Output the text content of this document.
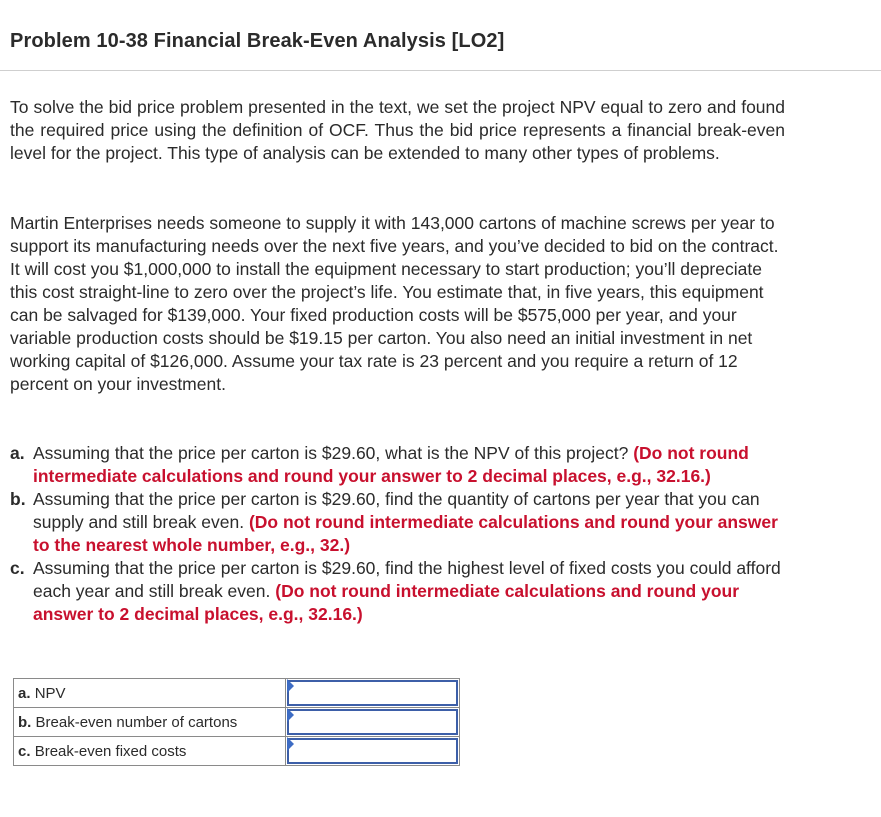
Problem 10-38 Financial Break-Even Analysis [LO2]
To solve the bid price problem presented in the text, we set the project NPV equal to zero and found the required price using the definition of OCF. Thus the bid price represents a financial break-even level for the project. This type of analysis can be extended to many other types of problems.
Martin Enterprises needs someone to supply it with 143,000 cartons of machine screws per year to support its manufacturing needs over the next five years, and you’ve decided to bid on the contract. It will cost you $1,000,000 to install the equipment necessary to start production; you’ll depreciate this cost straight-line to zero over the project’s life. You estimate that, in five years, this equipment can be salvaged for $139,000. Your fixed production costs will be $575,000 per year, and your variable production costs should be $19.15 per carton. You also need an initial investment in net working capital of $126,000. Assume your tax rate is 23 percent and you require a return of 12 percent on your investment.
a. Assuming that the price per carton is $29.60, what is the NPV of this project? (Do not round intermediate calculations and round your answer to 2 decimal places, e.g., 32.16.)
b. Assuming that the price per carton is $29.60, find the quantity of cartons per year that you can supply and still break even. (Do not round intermediate calculations and round your answer to the nearest whole number, e.g., 32.)
c. Assuming that the price per carton is $29.60, find the highest level of fixed costs you could afford each year and still break even. (Do not round intermediate calculations and round your answer to 2 decimal places, e.g., 32.16.)
a. NPV	

b. Break-even number of cartons	

c. Break-even fixed costs	
